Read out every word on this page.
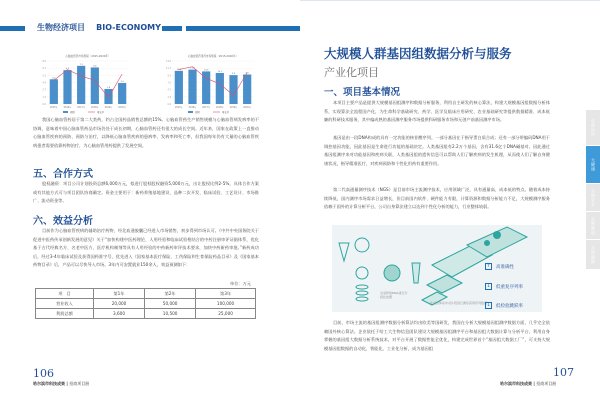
生物经济项目 BIO-ECONOMY
心脑血管药市场规模（2015-2020年）
8.0
6.7
5.3
4.0
2.7
1.3
0.0
4.6
2015年
6.3
2016年
7.1
2017年
6.8
2018年
2.8
2019年
3.9
2020年
规模	增长率
心脑血管药用药市场规模（2015-2020年）
14.0
11.7
9.3
7.0
4.7
2.3
0.0
10.8
2015年
11.2
2016年
10.6
2017年
10.1
2018年
9.4
2019年
9.6
2020年
规模	增长率
我国心脑血管药居于第二大类药，约占全国药品销售总额的15%。心脑血管药生产销售规模与心脑血管病发病率的不协调，意味着中国心脑血管药品市场仍处于成长初期，心脑血管药还有很大的成长空间。近年来，国家在政策上一直推动心脑血管疾病的预防、预防与治疗，以降低心脑血管疾病的患病率、发病率和死亡率，但我国每年仍有大量的心脑血管疾病患者需要依靠药物治疗，为心脑血管用药提供了发展空间。
五、合作方式
股权融资：项目公司计划投资总额6,000万元，拟进行股权股权融资5,000万元，出让股权比例2-5%，具体合作方案或有其他方式可与项目团队协商确定。资金主要用于：新药养殖基地建设、品种二次开发、临床试验、工艺设计、市场推广、流动资金等。
六、效益分析
目前作为心脑血管疾病的辅助治疗药物，经北血通胶囊已经进入市场销售，初步得到市场认可。《中共中央国务院关于促进中医药传承创新发展的意见》关于“加快构建中医药理论、人用经验和临床试验相结合的中药注册审评证据体系，优化基于古代经典名方、名老中医方、医疗机构制剂等具有人用经验的中药新药审评技术要求，加快中药新药审批。”新药成功后，经过3-4年临床试验及获得国药准字号，优先进入《国家基本医疗保险、工伤保险和生育保险药品目录》及《国家基本药物目录》后，产品可以尽快导入市场。3年内可安置就业150余人，效益预测如下：
单位：万元
项　目	第1年	第2年	第3年
营业收入	20,000	50,000	100,000
利润总额	3,600	10,500	25,000
106
哈尔滨市科技成果 | 招商项目册
大规模人群基因组数据分析与服务
产业化项目
一、项目基本情况
本项目主要产品是提供大规模基因组测序和数据分析服务，利用自主研发的核心算法，构建大规模基因组数据分析体系，实现算法全流程国产化，为生命科学基础研究、药学、医学及临床应用研究、农业基础研究等提供数据精准、成本低廉的科研技术服务，其中偏成熟的基因测序服务市场提供科研服务市场和无创产前基因测序市场。
基因是由一段DNA构成的具有一定功能的核苷酸序列。一部分基因在于指导蛋白质合成；还有一部分带编码DNA用于调控基因功能，因此基因是生命进行功能的基础决定。人类基因组有2.2万个基因，含有31.6亿个DNA碱基对。因此通过基因组测序来对功能基因和疾病关联，人类基因组的遗传信息可以帮助人们了解疾病的发生机理，从而使人们了解自身健康状况，指导精准医疗，对疾病预防和个性化用药有重要作用。
第二代高通量测序技术（NGS）是目前市场主流测序技术，应用领域广泛，具有通量高、成本低的特点。随着成本持续降低，国内测序市场需求日益增长，但目前国内软件、硬件能力有限，计算资源和数据分析能力不足，大规模测序服务依赖于国外的计算分析平台，公司自身算法建立以达到个性化分析的能力，行业整体较弱。
对采样的DNA进行片段化处理
在反应体系中对片段进行测序获得序列数据
↑	高准确性
↓	低重复序列率
↓	低检验跳跃率
目前，市场主流的基因组测序数据分析算法均由欧美等国研发，我国在分析大规模基因组测序数据方面，几乎完全依赖国外核心算法。企业依托于哈工大生物信息团队建设大规模基因组测序平台和基因组大数据计算与分析平台，利用自身掌握的基因组大数据分析系统技术，对平台开展了数据性能全优化，构建完成世界首个“基因组大数据工厂”，可支持大规模基因组数据的自动化、智能化、工业化分析，成为基因组
107
哈尔滨市科技成果 | 招商项目册
生物医药
大健康
生物农业
生物制造
生物能源
